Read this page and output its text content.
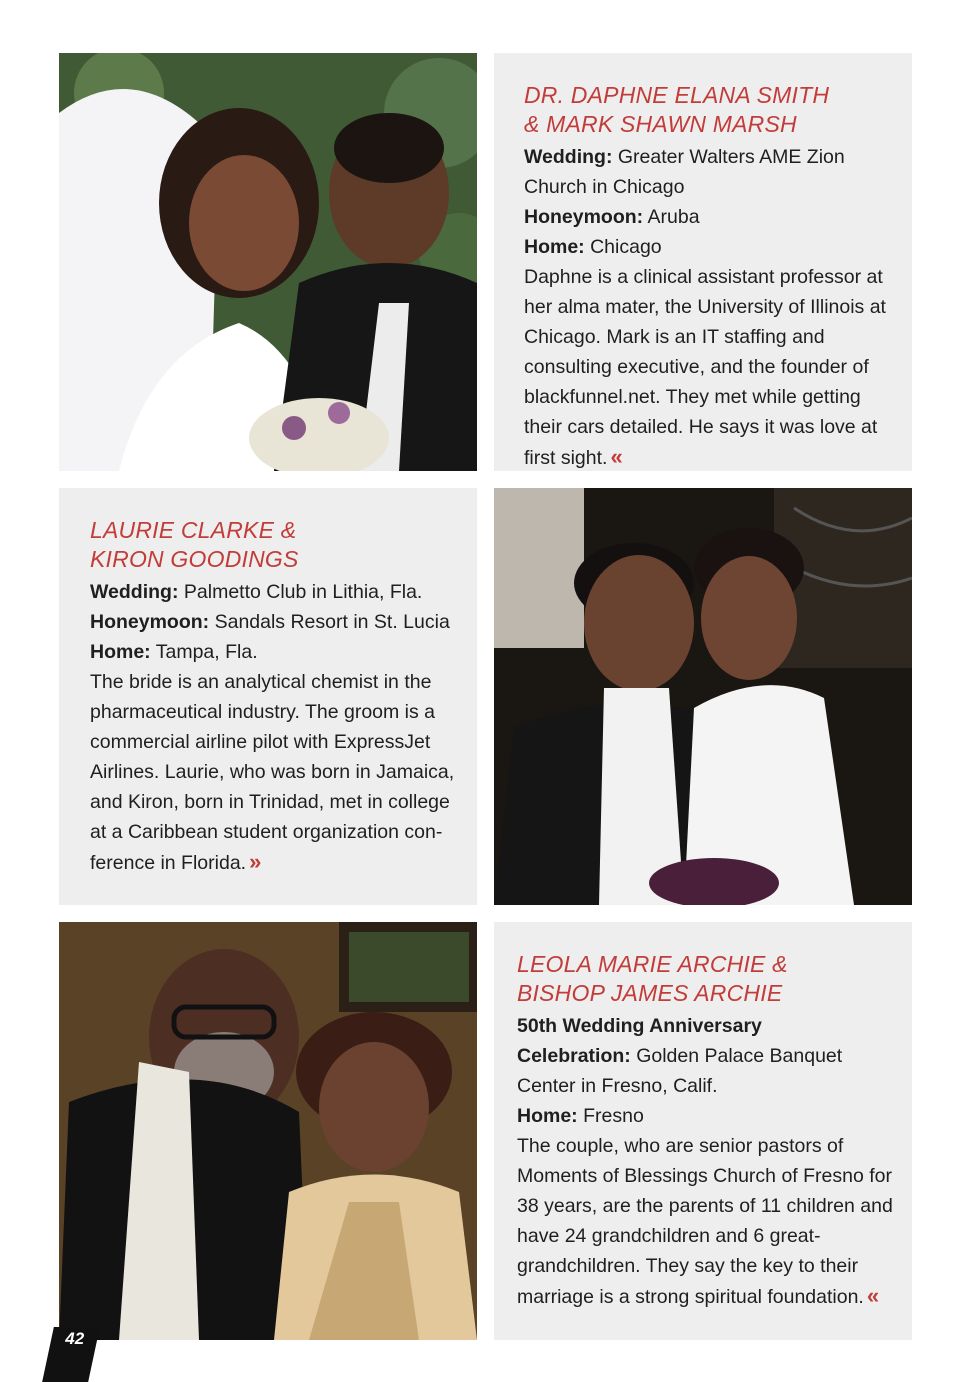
DR. DAPHNE ELANA SMITH
& MARK SHAWN MARSH
Wedding: Greater Walters AME Zion Church in Chicago
Honeymoon: Aruba
Home: Chicago
Daphne is a clinical assistant professor at her alma mater, the University of Illinois at Chicago. Mark is an IT staffing and consulting executive, and the founder of blackfunnel.net. They met while getting their cars detailed. He says it was love at first sight. «
LAURIE CLARKE &
KIRON GOODINGS
Wedding: Palmetto Club in Lithia, Fla.
Honeymoon: Sandals Resort in St. Lucia
Home: Tampa, Fla.
The bride is an analytical chemist in the pharmaceutical industry. The groom is a commercial airline pilot with ExpressJet Airlines. Laurie, who was born in Jamaica, and Kiron, born in Trinidad, met in college at a Caribbean student organization con-ference in Florida. »
LEOLA MARIE ARCHIE &
BISHOP JAMES ARCHIE
50th Wedding Anniversary
Celebration: Golden Palace Banquet Center in Fresno, Calif.
Home: Fresno
The couple, who are senior pastors of Moments of Blessings Church of Fresno for 38 years, are the parents of 11 children and have 24 grandchildren and 6 great-grandchildren. They say the key to their marriage is a strong spiritual foundation. «
42
